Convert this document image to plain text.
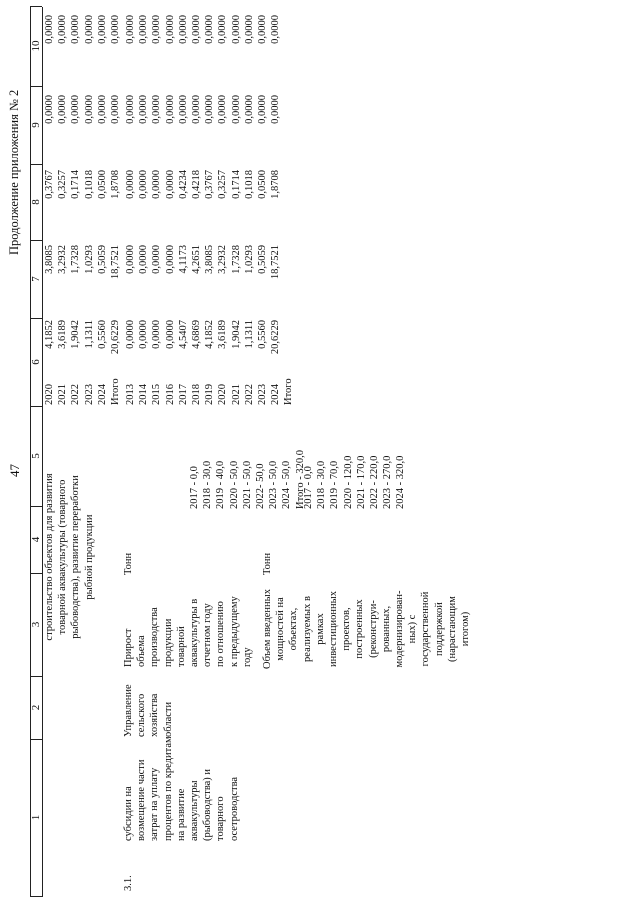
47
Продолжение приложения № 2
1
2
3
4
5
6
7
8
9
10
строительство объектов для развития товарной аквакультуры (товарного рыбоводства), развитие переработки рыбной продукции
2020 2021 2022 2023 2024 Итого
4,1852 3,6189 1,9042 1,1311 0,5560 20,6229
3,8085 3,2932 1,7328 1,0293 0,5059 18,7521
0,3767 0,3257 0,1714 0,1018 0,0500 1,8708
0,0000 0,0000 0,0000 0,0000 0,0000 0,0000
0,0000 0,0000 0,0000 0,0000 0,0000 0,0000
3.1.
субсидии на возмещение части затрат на уплату процентов по кредитам на развитие аквакультуры (рыбоводства) и товарного осетроводства
Управление сельского хозяйства области
Прирост объема производства продукции товарной аквакультуры в отчетном году по отношению к предыдущему году
Тонн
2017 - 0,0 2018 - 30,0 2019 - 40,0 2020 - 50,0 2021 - 50,0 2022- 50,0 2023 - 50,0 2024 - 50,0 Итого - 320,0
Объем введенных мощностей на объектах, реализуемых в рамках инвестиционных проектов, построенных (реконструи- рованных, модернизирован- ных) с государственной поддержкой (нарастающим итогом)
Тонн
2017 - 0,0 2018 - 30,0 2019 - 70,0 2020 - 120,0 2021 - 170,0 2022 - 220,0 2023 - 270,0 2024 - 320,0
2013 2014 2015 2016 2017 2018 2019 2020 2021 2022 2023 2024 Итого
0,0000 0,0000 0,0000 0,0000 4,5407 4,6869 4,1852 3,6189 1,9042 1,1311 0,5560 20,6229
0,0000 0,0000 0,0000 0,0000 4,1173 4,2651 3,8085 3,2932 1,7328 1,0293 0,5059 18,7521
0,0000 0,0000 0,0000 0,0000 0,4234 0,4218 0,3767 0,3257 0,1714 0,1018 0,0500 1,8708
0,0000 0,0000 0,0000 0,0000 0,0000 0,0000 0,0000 0,0000 0,0000 0,0000 0,0000 0,0000
0,0000 0,0000 0,0000 0,0000 0,0000 0,0000 0,0000 0,0000 0,0000 0,0000 0,0000 0,0000
